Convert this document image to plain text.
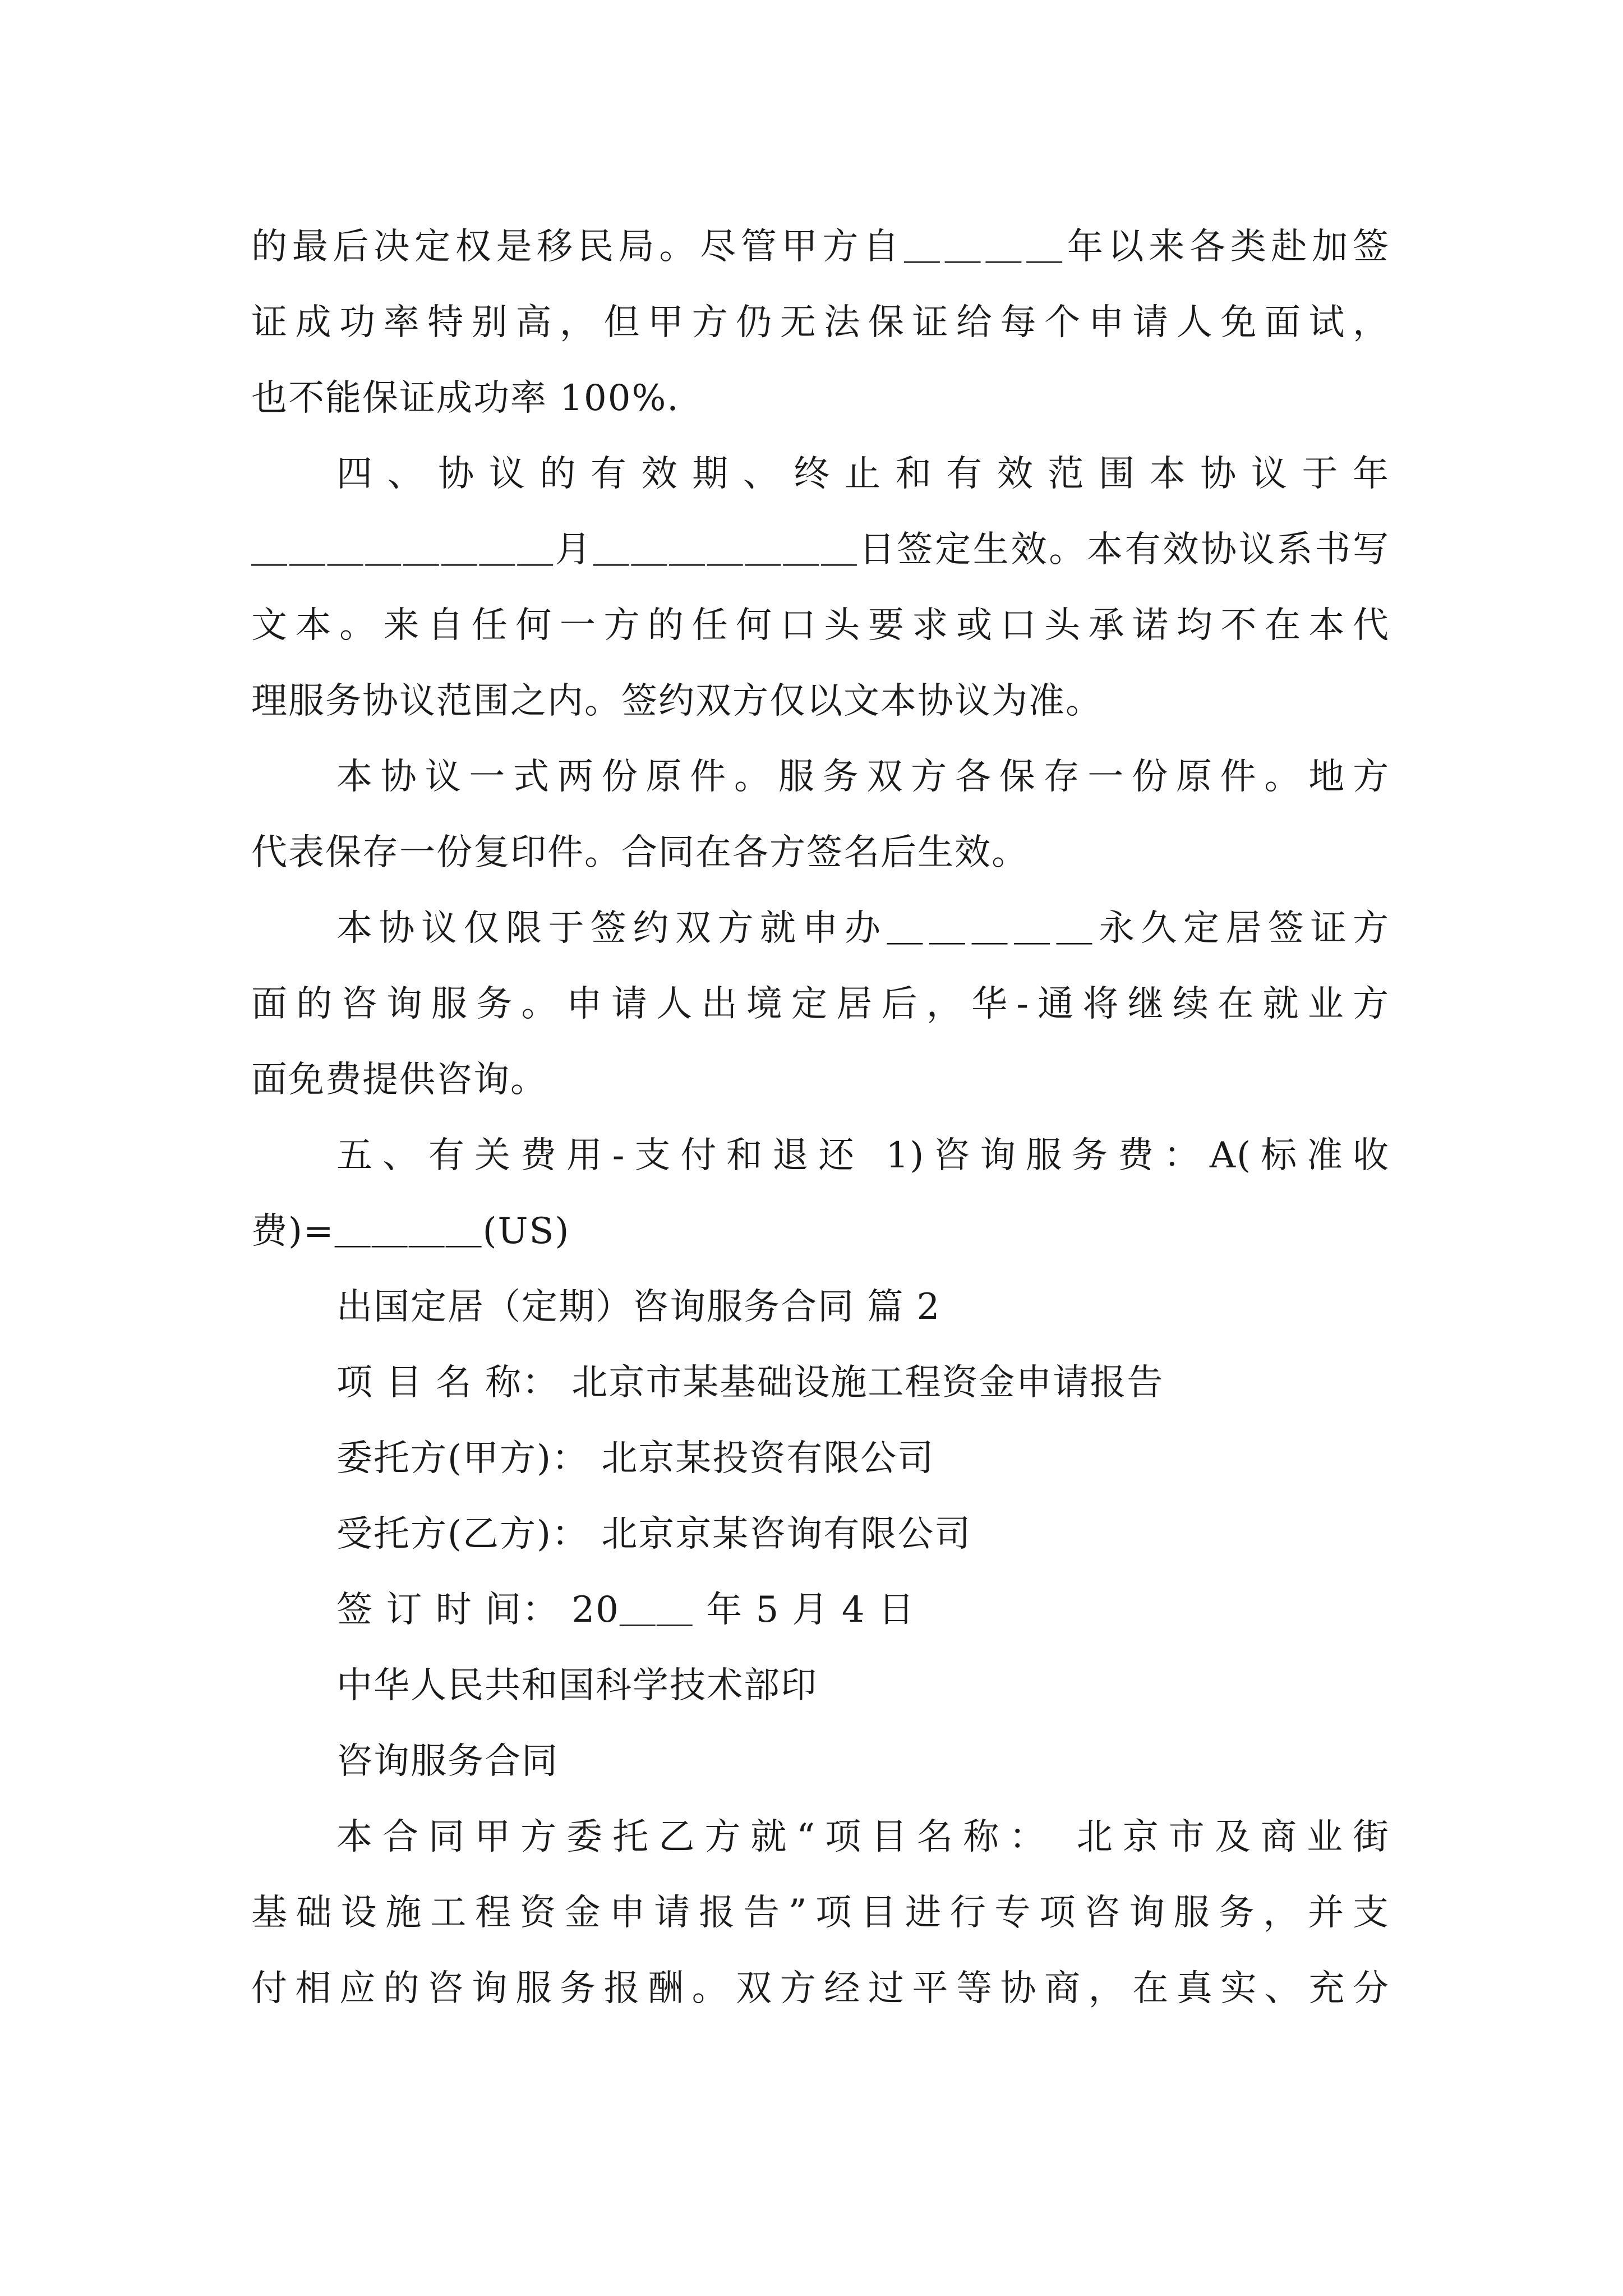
的最后决定权是移民局。尽管甲方自＿＿＿＿年以来各类赴加签
证成功率特别高，但甲方仍无法保证给每个申请人免面试，
也不能保证成功率 100%.
四、协议的有效期、终止和有效范围本协议于年
＿＿＿＿＿＿＿＿月＿＿＿＿＿＿＿日签定生效。本有效协议系书写
文本。来自任何一方的任何口头要求或口头承诺均不在本代
理服务协议范围之内。签约双方仅以文本协议为准。
本协议一式两份原件。服务双方各保存一份原件。地方
代表保存一份复印件。合同在各方签名后生效。
本协议仅限于签约双方就申办＿＿＿＿＿永久定居签证方
面的咨询服务。申请人出境定居后，华-通将继续在就业方
面免费提供咨询。
五、有关费用-支付和退还 1)咨询服务费：A(标准收
费)=＿＿＿＿(US)
出国定居（定期）咨询服务合同 篇 2
项 目 名 称： 北京市某基础设施工程资金申请报告
委托方(甲方)： 北京某投资有限公司
受托方(乙方)： 北京京某咨询有限公司
签 订 时 间： 20＿＿ 年 5 月 4 日
中华人民共和国科学技术部印
咨询服务合同
本合同甲方委托乙方就“项目名称： 北京市及商业街
基础设施工程资金申请报告”项目进行专项咨询服务，并支
付相应的咨询服务报酬。双方经过平等协商，在真实、充分
